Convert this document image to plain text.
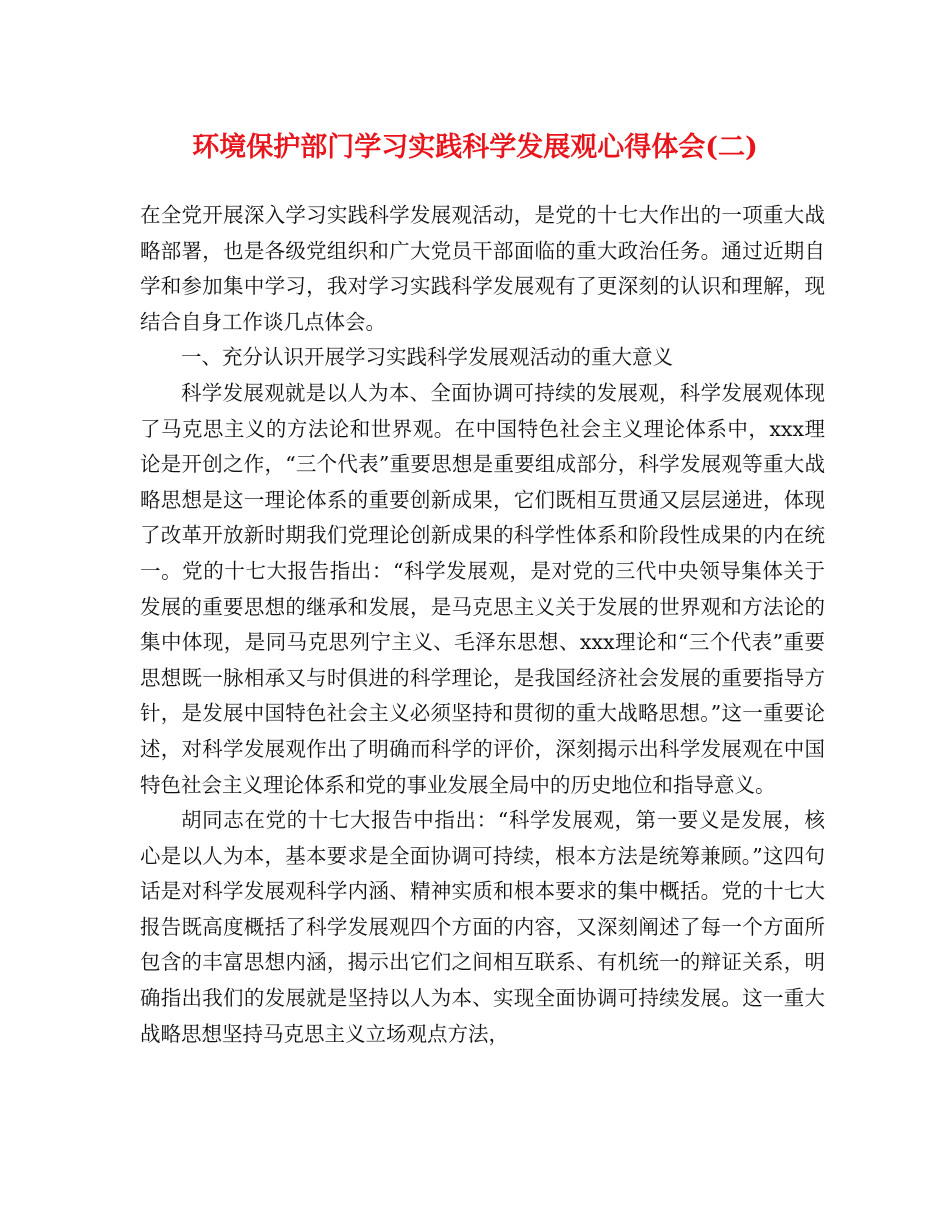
环境保护部门学习实践科学发展观心得体会(二)

在全党开展深入学习实践科学发展观活动，是党的十七大作出的一项重大战略部署，也是各级党组织和广大党员干部面临的重大政治任务。通过近期自学和参加集中学习，我对学习实践科学发展观有了更深刻的认识和理解，现结合自身工作谈几点体会。

一、充分认识开展学习实践科学发展观活动的重大意义

科学发展观就是以人为本、全面协调可持续的发展观，科学发展观体现了马克思主义的方法论和世界观。在中国特色社会主义理论体系中，xxx理论是开创之作，“三个代表”重要思想是重要组成部分，科学发展观等重大战略思想是这一理论体系的重要创新成果，它们既相互贯通又层层递进，体现了改革开放新时期我们党理论创新成果的科学性体系和阶段性成果的内在统一。党的十七大报告指出：“科学发展观，是对党的三代中央领导集体关于发展的重要思想的继承和发展，是马克思主义关于发展的世界观和方法论的集中体现，是同马克思列宁主义、毛泽东思想、xxx理论和“三个代表”重要思想既一脉相承又与时俱进的科学理论，是我国经济社会发展的重要指导方针，是发展中国特色社会主义必须坚持和贯彻的重大战略思想。”这一重要论述，对科学发展观作出了明确而科学的评价，深刻揭示出科学发展观在中国特色社会主义理论体系和党的事业发展全局中的历史地位和指导意义。

胡同志在党的十七大报告中指出：“科学发展观，第一要义是发展，核心是以人为本，基本要求是全面协调可持续，根本方法是统筹兼顾。”这四句话是对科学发展观科学内涵、精神实质和根本要求的集中概括。党的十七大报告既高度概括了科学发展观四个方面的内容，又深刻阐述了每一个方面所包含的丰富思想内涵，揭示出它们之间相互联系、有机统一的辩证关系，明确指出我们的发展就是坚持以人为本、实现全面协调可持续发展。这一重大战略思想坚持马克思主义立场观点方法，
